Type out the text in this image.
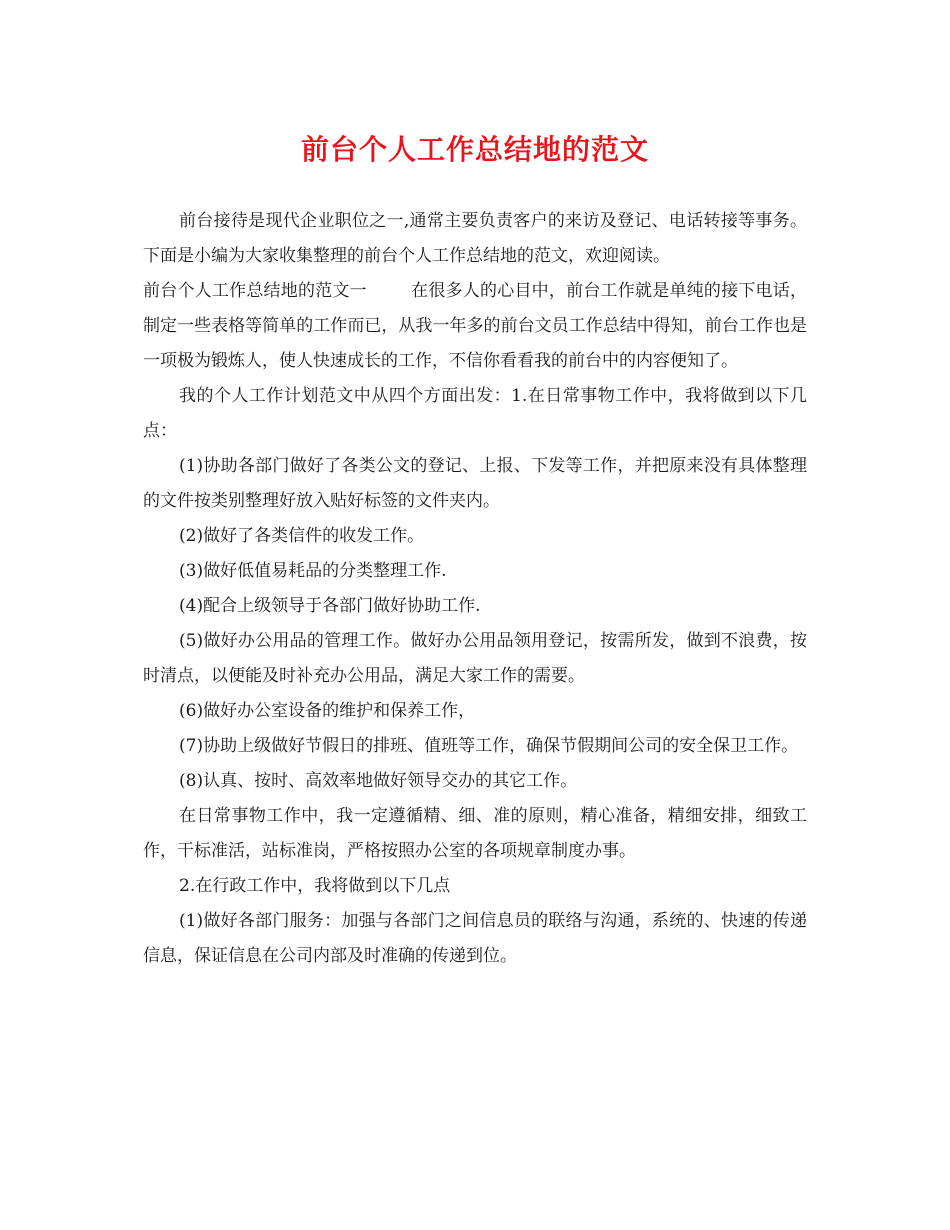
前台个人工作总结地的范文

前台接待是现代企业职位之一,通常主要负责客户的来访及登记、电话转接等事务。下面是小编为大家收集整理的前台个人工作总结地的范文，欢迎阅读。

前台个人工作总结地的范文一	在很多人的心目中，前台工作就是单纯的接下电话，制定一些表格等简单的工作而已，从我一年多的前台文员工作总结中得知，前台工作也是一项极为锻炼人，使人快速成长的工作，不信你看看我的前台中的内容便知了。

我的个人工作计划范文中从四个方面出发：1.在日常事物工作中，我将做到以下几点：

(1)协助各部门做好了各类公文的登记、上报、下发等工作，并把原来没有具体整理的文件按类别整理好放入贴好标签的文件夹内。

(2)做好了各类信件的收发工作。

(3)做好低值易耗品的分类整理工作.

(4)配合上级领导于各部门做好协助工作.

(5)做好办公用品的管理工作。做好办公用品领用登记，按需所发，做到不浪费，按时清点，以便能及时补充办公用品，满足大家工作的需要。

(6)做好办公室设备的维护和保养工作，

(7)协助上级做好节假日的排班、值班等工作，确保节假期间公司的安全保卫工作。

(8)认真、按时、高效率地做好领导交办的其它工作。

在日常事物工作中，我一定遵循精、细、准的原则，精心准备，精细安排，细致工作，干标准活，站标准岗，严格按照办公室的各项规章制度办事。

2.在行政工作中，我将做到以下几点

(1)做好各部门服务：加强与各部门之间信息员的联络与沟通，系统的、快速的传递信息，保证信息在公司内部及时准确的传递到位。
